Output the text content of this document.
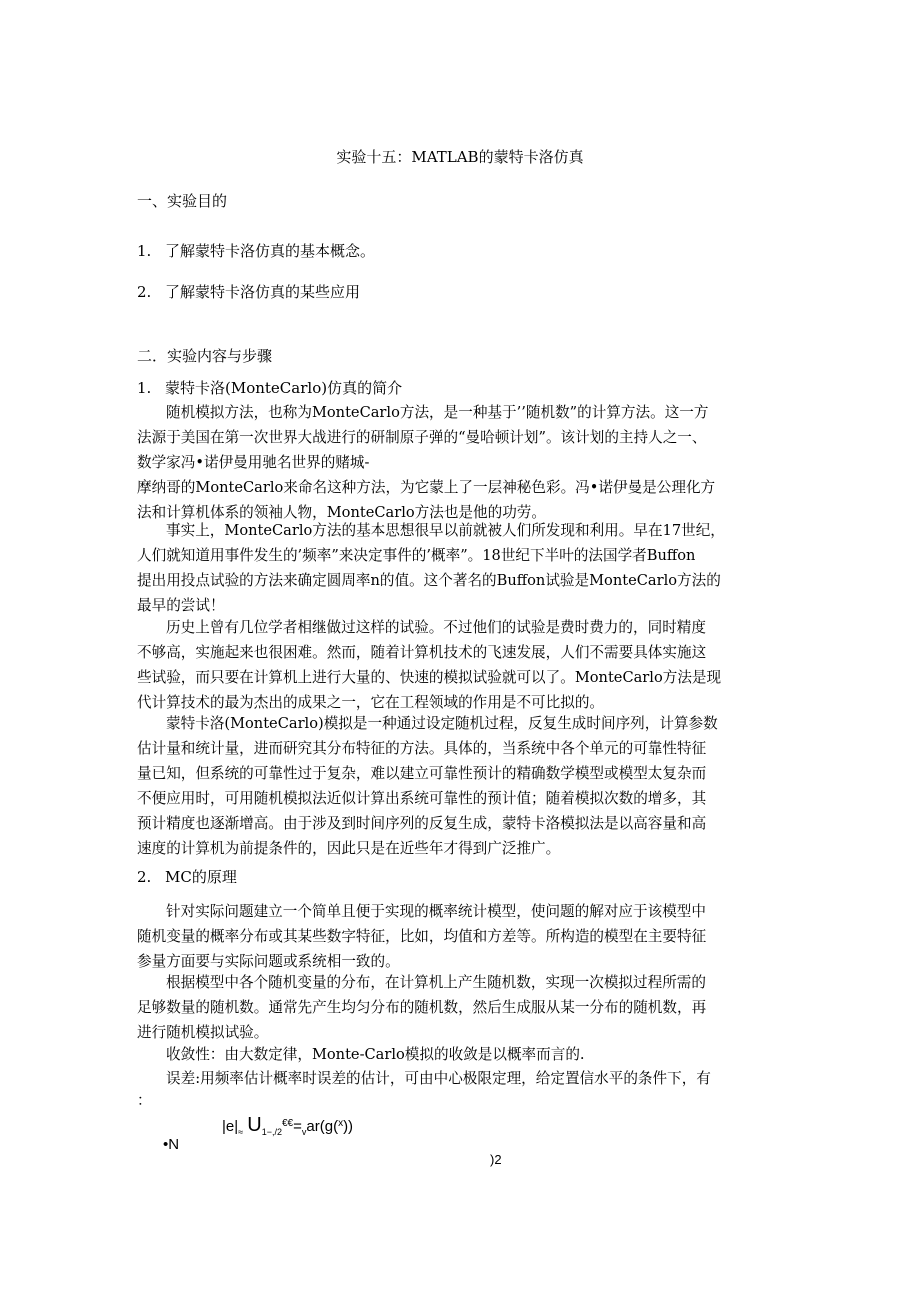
实验十五：MATLAB的蒙特卡洛仿真
一、实验目的
1. 了解蒙特卡洛仿真的基本概念。
2. 了解蒙特卡洛仿真的某些应用
二．实验内容与步骤
1. 蒙特卡洛(MonteCarlo)仿真的简介
随机模拟方法，也称为MonteCarlo方法，是一种基于’’随机数”的计算方法。这一方
法源于美国在第一次世界大战进行的研制原子弹的“曼哈顿计划”。该计划的主持人之一、
数学家冯•诺伊曼用驰名世界的赌城-
摩纳哥的MonteCarlo来命名这种方法，为它蒙上了一层神秘色彩。冯•诺伊曼是公理化方
法和计算机体系的领袖人物，MonteCarlo方法也是他的功劳。
事实上，MonteCarlo方法的基本思想很早以前就被人们所发现和利用。早在17世纪，
人们就知道用事件发生的’频率”来决定事件的’概率”。18世纪下半叶的法国学者Buffon
提出用投点试验的方法来确定圆周率n的值。这个著名的Buffon试验是MonteCarlo方法的
最早的尝试！
历史上曾有几位学者相继做过这样的试验。不过他们的试验是费时费力的，同时精度
不够高，实施起来也很困难。然而，随着计算机技术的飞速发展，人们不需要具体实施这
些试验，而只要在计算机上进行大量的、快速的模拟试验就可以了。MonteCarlo方法是现
代计算技术的最为杰出的成果之一，它在工程领域的作用是不可比拟的。
蒙特卡洛(MonteCarlo)模拟是一种通过设定随机过程，反复生成时间序列，计算参数
估计量和统计量，进而研究其分布特征的方法。具体的，当系统中各个单元的可靠性特征
量已知，但系统的可靠性过于复杂，难以建立可靠性预计的精确数学模型或模型太复杂而
不便应用时，可用随机模拟法近似计算出系统可靠性的预计值；随着模拟次数的增多，其
预计精度也逐渐增高。由于涉及到时间序列的反复生成，蒙特卡洛模拟法是以高容量和高
速度的计算机为前提条件的，因此只是在近些年才得到广泛推广。
2. MC的原理
针对实际问题建立一个简单且便于实现的概率统计模型，使问题的解对应于该模型中
随机变量的概率分布或其某些数字特征，比如，均值和方差等。所构造的模型在主要特征
参量方面要与实际问题或系统相一致的。
根据模型中各个随机变量的分布，在计算机上产生随机数，实现一次模拟过程所需的
足够数量的随机数。通常先产生均匀分布的随机数，然后生成服从某一分布的随机数，再
进行随机模拟试验。
收敛性：由大数定律，Monte-Carlo模拟的收敛是以概率而言的.
误差:用频率估计概率时误差的估计，可由中心极限定理，给定置信水平的条件下，有
：
$|e|_\approx$ $U_{1-,/2}^{€€}=_var(g(^x))$
•N
)2
